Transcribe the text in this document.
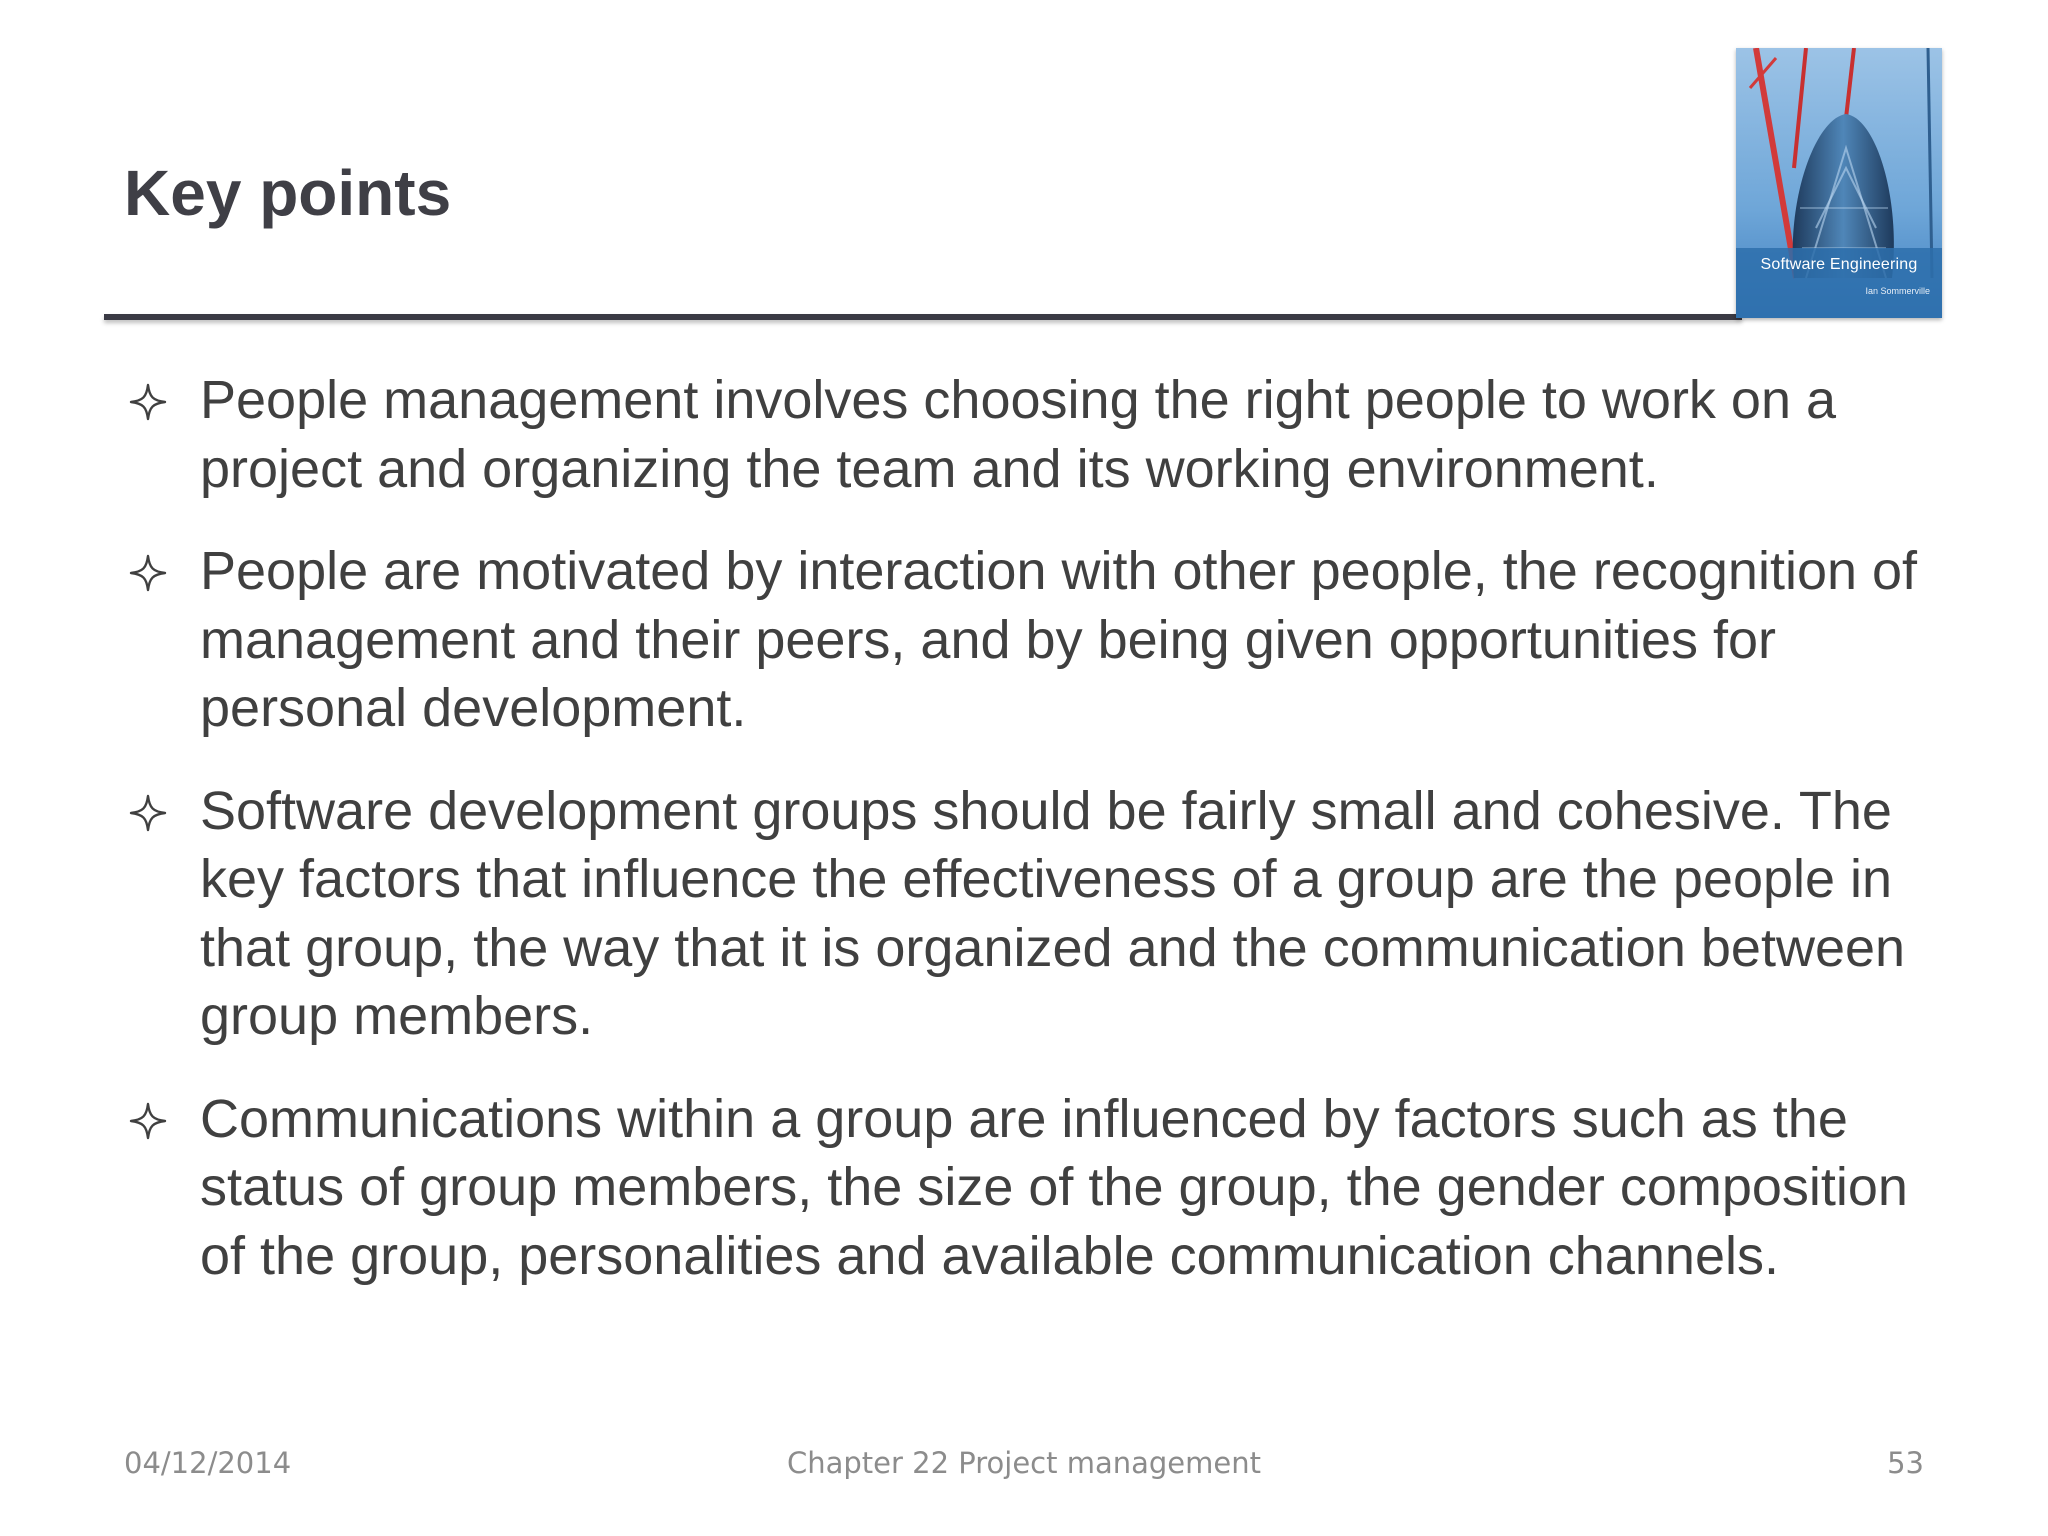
Key points
Software Engineering
Ian Sommerville
People management involves choosing the right people to work on a project and organizing the team and its working environment.
People are motivated by interaction with other people, the recognition of management and their peers, and by being given opportunities for personal development.
Software development groups should be fairly small and cohesive. The key factors that influence the effectiveness of a group are the people in that group, the way that it is organized and the communication between group members.
Communications within a group are influenced by factors such as the status of group members, the size of the group, the gender composition of the group, personalities and available communication channels.
04/12/2014	Chapter 22 Project management	53
